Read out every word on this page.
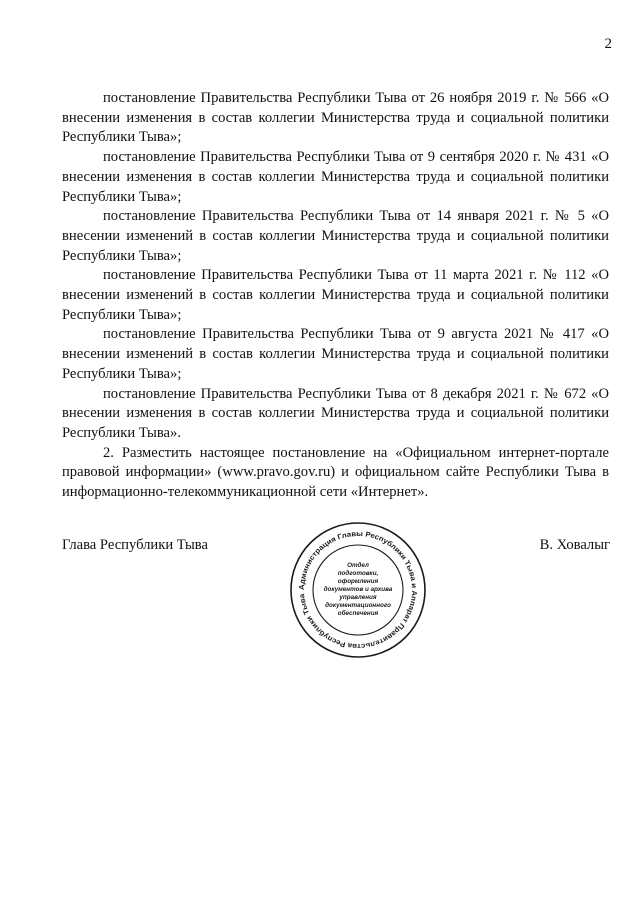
2

постановление Правительства Республики Тыва от 26 ноября 2019 г. № 566 «О внесении изменения в состав коллегии Министерства труда и социальной политики Республики Тыва»;

постановление Правительства Республики Тыва от 9 сентября 2020 г. № 431 «О внесении изменения в состав коллегии Министерства труда и социальной политики Республики Тыва»;

постановление Правительства Республики Тыва от 14 января 2021 г. № 5 «О внесении изменений в состав коллегии Министерства труда и социальной политики Республики Тыва»;

постановление Правительства Республики Тыва от 11 марта 2021 г. № 112 «О внесении изменений в состав коллегии Министерства труда и социальной политики Республики Тыва»;

постановление Правительства Республики Тыва от 9 августа 2021 № 417 «О внесении изменений в состав коллегии Министерства труда и социальной политики Республики Тыва»;

постановление Правительства Республики Тыва от 8 декабря 2021 г. № 672 «О внесении изменения в состав коллегии Министерства труда и социальной политики Республики Тыва».

2. Разместить настоящее постановление на «Официальном интернет-портале правовой информации» (www.pravo.gov.ru) и официальном сайте Республики Тыва в информационно-телекоммуникационной сети «Интернет».

Глава Республики Тыва
Администрация Главы Республики Тыва и Аппарат Правительства Республики Тыва
Отдел
подготовки,
оформления
документов и архива
управления
документационного
обеспечения
В. Ховалыг
